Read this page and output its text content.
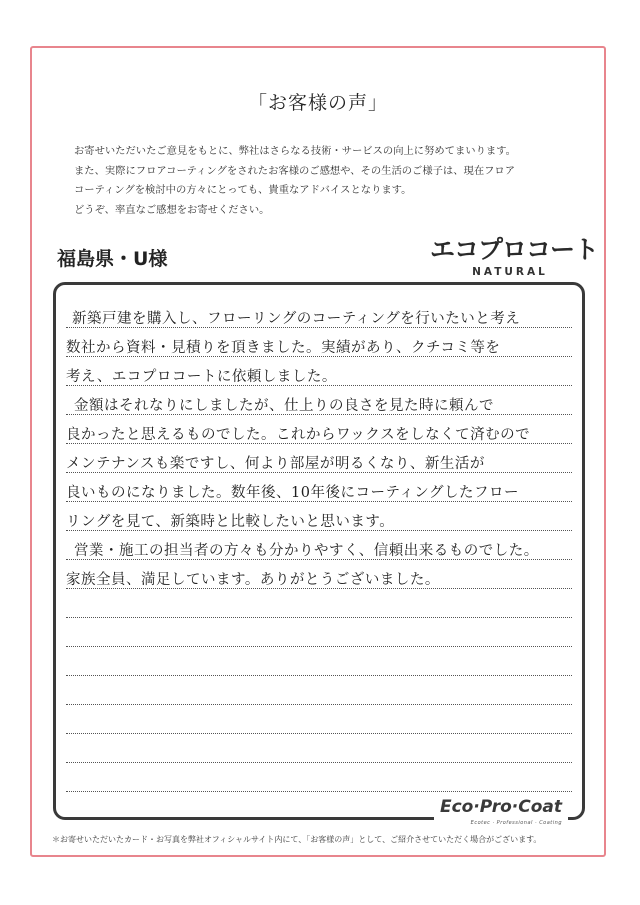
「お客様の声」
お寄せいただいたご意見をもとに、弊社はさらなる技術・サービスの向上に努めてまいります。
また、実際にフロアコーティングをされたお客様のご感想や、その生活のご様子は、現在フロア
コーティングを検討中の方々にとっても、貴重なアドバイスとなります。
どうぞ、率直なご感想をお寄せください。
福島県・U様	エコプロコート
NATURAL
新築戸建を購入し、フローリングのコーティングを行いたいと考え
数社から資料・見積りを頂きました。実績があり、クチコミ等を
考え、エコプロコートに依頼しました。
金額はそれなりにしましたが、仕上りの良さを見た時に頼んで
良かったと思えるものでした。これからワックスをしなくて済むので
メンテナンスも楽ですし、何より部屋が明るくなり、新生活が
良いものになりました。数年後、10年後にコーティングしたフロー
リングを見て、新築時と比較したいと思います。
営業・施工の担当者の方々も分かりやすく、信頼出来るものでした。
家族全員、満足しています。ありがとうございました。
Eco·Pro·Coat
Ecotec · Professional · Coating
＊お寄せいただいたカード・お写真を弊社オフィシャルサイト内にて、「お客様の声」として、ご紹介させていただく場合がございます。
